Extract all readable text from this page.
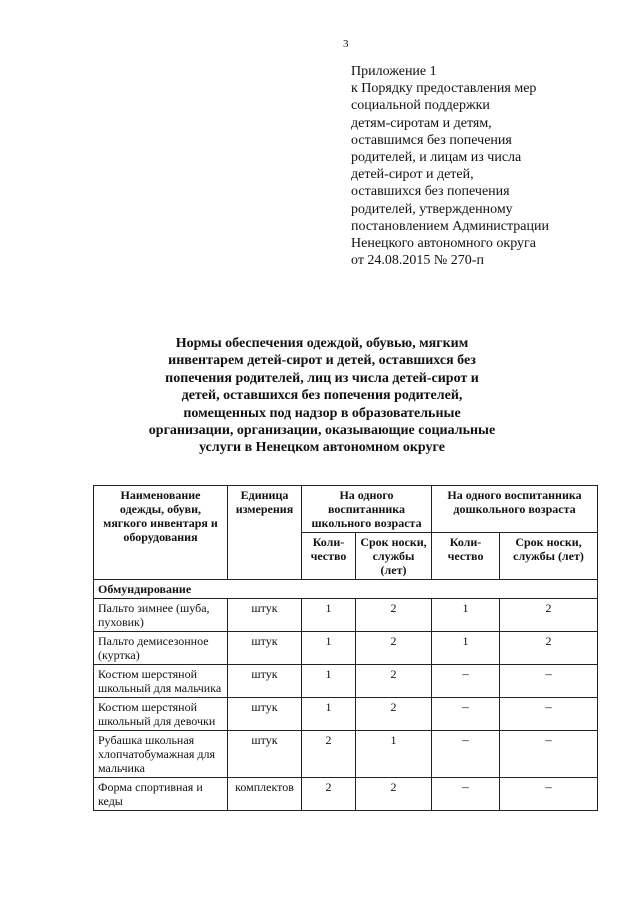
3
Приложение 1
к Порядку предоставления мер
социальной поддержки
детям-сиротам и детям,
оставшимся без попечения
родителей, и лицам из числа
детей-сирот и детей,
оставшихся без попечения
родителей, утвержденному
постановлением Администрации
Ненецкого автономного округа
от 24.08.2015 № 270-п
Нормы обеспечения одеждой, обувью, мягким
инвентарем детей-сирот и детей, оставшихся без
попечения родителей, лиц из числа детей-сирот и
детей, оставшихся без попечения родителей,
помещенных под надзор в образовательные
организации, организации, оказывающие социальные
услуги в Ненецком автономном округе
Наименование одежды, обуви, мягкого инвентаря и оборудования	Единица измерения	На одного воспитанника школьного возраста		На одного воспитанника дошкольного возраста	
		Коли-чество	Срок носки, службы (лет)	Коли-чество	Срок носки, службы (лет)
Обмундирование					
Пальто зимнее (шуба, пуховик)	штук	1	2	1	2
Пальто демисезонное (куртка)	штук	1	2	1	2
Костюм шерстяной школьный для мальчика	штук	1	2	–	–
Костюм шерстяной школьный для девочки	штук	1	2	–	–
Рубашка школьная хлопчатобумажная для мальчика	штук	2	1	–	–
Форма спортивная и кеды	комплектов	2	2	–	–
